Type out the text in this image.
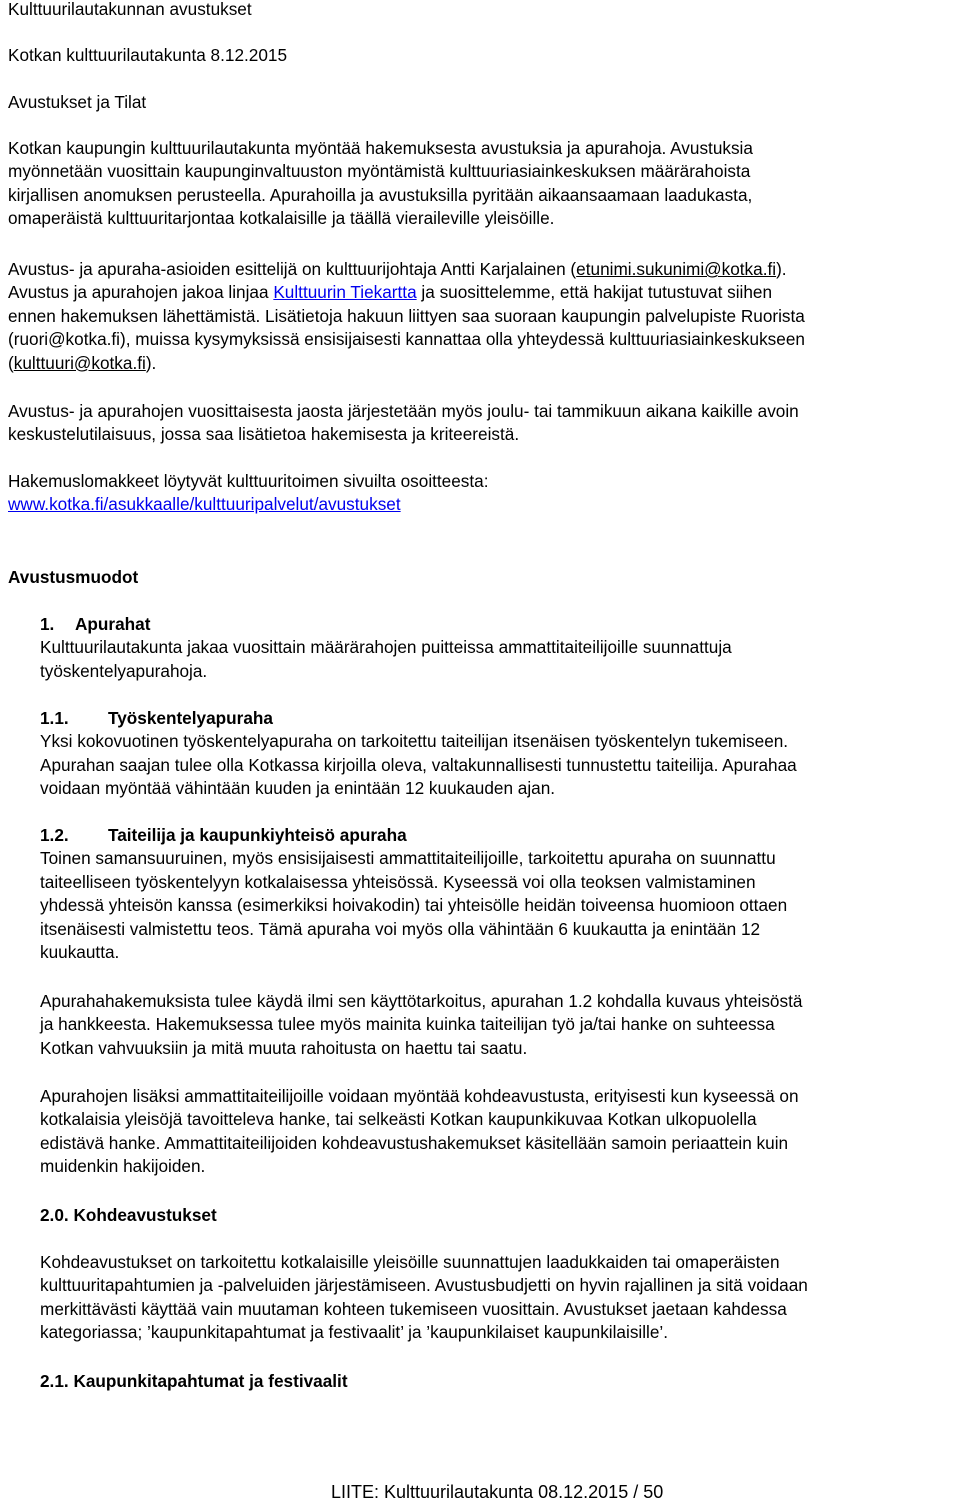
Kulttuurilautakunnan avustukset
Kotkan kulttuurilautakunta 8.12.2015
Avustukset ja Tilat
Kotkan kaupungin kulttuurilautakunta myöntää hakemuksesta avustuksia ja apurahoja. Avustuksia
myönnetään vuosittain kaupunginvaltuuston myöntämistä kulttuuriasiainkeskuksen määrärahoista
kirjallisen anomuksen perusteella. Apurahoilla ja avustuksilla pyritään aikaansaamaan laadukasta,
omaperäistä kulttuuritarjontaa kotkalaisille ja täällä vieraileville yleisöille.
Avustus- ja apuraha-asioiden esittelijä on kulttuurijohtaja Antti Karjalainen (etunimi.sukunimi@kotka.fi).
Avustus ja apurahojen jakoa linjaa Kulttuurin Tiekartta ja suosittelemme, että hakijat tutustuvat siihen
ennen hakemuksen lähettämistä. Lisätietoja hakuun liittyen saa suoraan kaupungin palvelupiste Ruorista
(ruori@kotka.fi), muissa kysymyksissä ensisijaisesti kannattaa olla yhteydessä kulttuuriasiainkeskukseen
(kulttuuri@kotka.fi).
Avustus- ja apurahojen vuosittaisesta jaosta järjestetään myös joulu- tai tammikuun aikana kaikille avoin
keskustelutilaisuus, jossa saa lisätietoa hakemisesta ja kriteereistä.
Hakemuslomakkeet löytyvät kulttuuritoimen sivuilta osoitteesta:
www.kotka.fi/asukkaalle/kulttuuripalvelut/avustukset
Avustusmuodot
1. Apurahat
Kulttuurilautakunta jakaa vuosittain määrärahojen puitteissa ammattitaiteilijoille suunnattuja
työskentelyapurahoja.
1.1. Työskentelyapuraha
Yksi kokovuotinen työskentelyapuraha on tarkoitettu taiteilijan itsenäisen työskentelyn tukemiseen.
Apurahan saajan tulee olla Kotkassa kirjoilla oleva, valtakunnallisesti tunnustettu taiteilija. Apurahaa
voidaan myöntää vähintään kuuden ja enintään 12 kuukauden ajan.
1.2. Taiteilija ja kaupunkiyhteisö apuraha
Toinen samansuuruinen, myös ensisijaisesti ammattitaiteilijoille, tarkoitettu apuraha on suunnattu
taiteelliseen työskentelyyn kotkalaisessa yhteisössä. Kyseessä voi olla teoksen valmistaminen
yhdessä yhteisön kanssa (esimerkiksi hoivakodin) tai yhteisölle heidän toiveensa huomioon ottaen
itsenäisesti valmistettu teos. Tämä apuraha voi myös olla vähintään 6 kuukautta ja enintään 12
kuukautta.
Apurahahakemuksista tulee käydä ilmi sen käyttötarkoitus, apurahan 1.2 kohdalla kuvaus yhteisöstä
ja hankkeesta. Hakemuksessa tulee myös mainita kuinka taiteilijan työ ja/tai hanke on suhteessa
Kotkan vahvuuksiin ja mitä muuta rahoitusta on haettu tai saatu.
Apurahojen lisäksi ammattitaiteilijoille voidaan myöntää kohdeavustusta, erityisesti kun kyseessä on
kotkalaisia yleisöjä tavoitteleva hanke, tai selkeästi Kotkan kaupunkikuvaa Kotkan ulkopuolella
edistävä hanke. Ammattitaiteilijoiden kohdeavustushakemukset käsitellään samoin periaattein kuin
muidenkin hakijoiden.
2.0. Kohdeavustukset
Kohdeavustukset on tarkoitettu kotkalaisille yleisöille suunnattujen laadukkaiden tai omaperäisten
kulttuuritapahtumien ja -palveluiden järjestämiseen. Avustusbudjetti on hyvin rajallinen ja sitä voidaan
merkittävästi käyttää vain muutaman kohteen tukemiseen vuosittain. Avustukset jaetaan kahdessa
kategoriassa; ’kaupunkitapahtumat ja festivaalit’ ja ’kaupunkilaiset kaupunkilaisille’.
2.1. Kaupunkitapahtumat ja festivaalit
LIITE: Kulttuurilautakunta 08.12.2015 / 50
